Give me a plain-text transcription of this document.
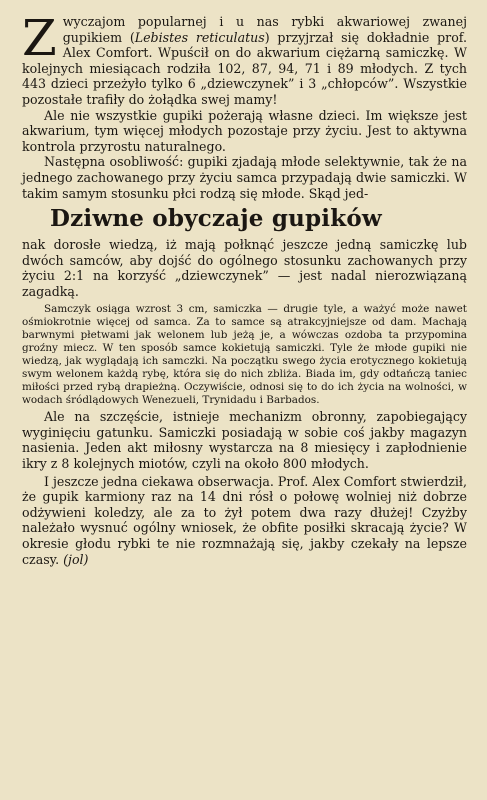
Zwyczajom popularnej i u nas rybki akwariowej zwanej gupikiem (Lebistes reticulatus) przyjrzał się dokładnie prof. Alex Comfort. Wpuścił on do akwarium ciężarną samiczkę. W kolejnych miesiącach rodziła 102, 87, 94, 71 i 89 młodych. Z tych 443 dzieci przeżyło tylko 6 „dziewczynek” i 3 „chłopców”. Wszystkie pozostałe trafiły do żołądka swej mamy!

Ale nie wszystkie gupiki pożerają własne dzieci. Im większe jest akwarium, tym więcej młodych pozostaje przy życiu. Jest to aktywna kontrola przyrostu naturalnego.

Następna osobliwość: gupiki zjadają młode selektywnie, tak że na jednego zachowanego przy życiu samca przypadają dwie samiczki. W takim samym stosunku płci rodzą się młode. Skąd jed-

Dziwne obyczaje gupików

nak dorosłe wiedzą, iż mają połknąć jeszcze jedną samiczkę lub dwóch samców, aby dojść do ogólnego stosunku zachowanych przy życiu 2:1 na korzyść „dziewczynek” — jest nadal nierozwiązaną zagadką.

Samczyk osiąga wzrost 3 cm, samiczka — drugie tyle, a ważyć może nawet ośmiokrotnie więcej od samca. Za to samce są atrakcyjniejsze od dam. Machają barwnymi płetwami jak welonem lub jeżą je, a wówczas ozdoba ta przypomina groźny miecz. W ten sposób samce kokietują samiczki. Tyle że młode gupiki nie wiedzą, jak wyglądają ich samczki. Na początku swego życia erotycznego kokietują swym welonem każdą rybę, która się do nich zbliża. Biada im, gdy odtańczą taniec miłości przed rybą drapieżną. Oczywiście, odnosi się to do ich życia na wolności, w wodach śródlądowych Wenezueli, Trynidadu i Barbados.

Ale na szczęście, istnieje mechanizm obronny, zapobiegający wyginięciu gatunku. Samiczki posiadają w sobie coś jakby magazyn nasienia. Jeden akt miłosny wystarcza na 8 miesięcy i zapłodnienie ikry z 8 kolejnych miotów, czyli na około 800 młodych.

I jeszcze jedna ciekawa obserwacja. Prof. Alex Comfort stwierdził, że gupik karmiony raz na 14 dni rósł o połowę wolniej niż dobrze odżywieni koledzy, ale za to żył potem dwa razy dłużej! Czyżby należało wysnuć ogólny wniosek, że obfite posiłki skracają życie? W okresie głodu rybki te nie rozmnażają się, jakby czekały na lepsze czasy. (jol)
